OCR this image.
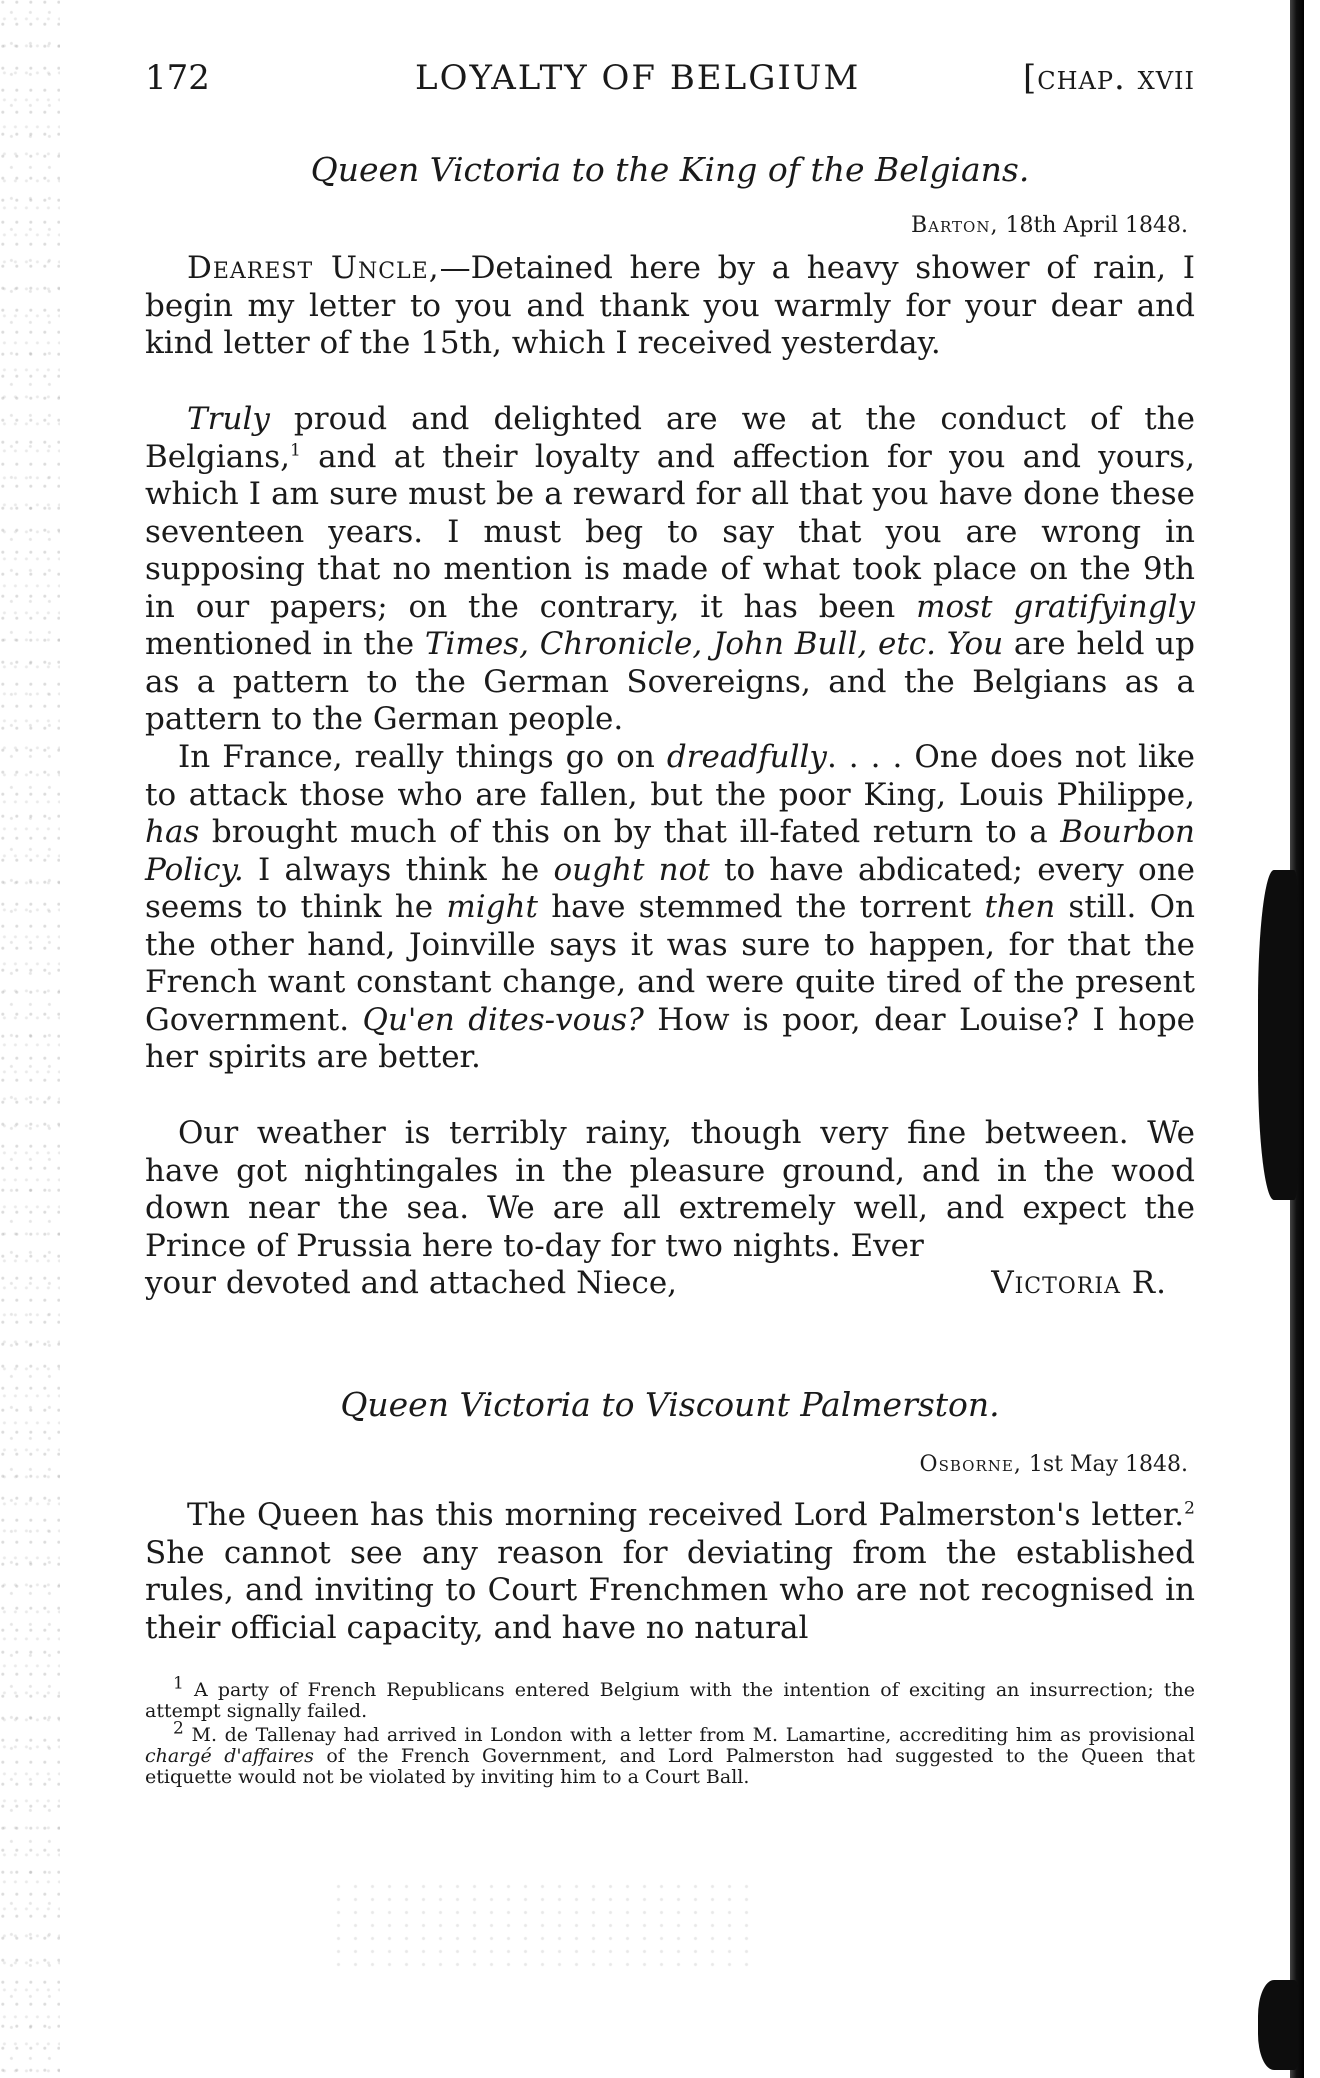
172	LOYALTY OF BELGIUM	[chap. xvii
Queen Victoria to the King of the Belgians.
Barton, 18th April 1848.

Dearest Uncle,—Detained here by a heavy shower of rain, I begin my letter to you and thank you warmly for your dear and kind letter of the 15th, which I received yesterday.

Truly proud and delighted are we at the conduct of the Belgians,$^1$ and at their loyalty and affection for you and yours, which I am sure must be a reward for all that you have done these seventeen years. I must beg to say that you are wrong in supposing that no mention is made of what took place on the 9th in our papers; on the contrary, it has been most gratifyingly mentioned in the Times, Chronicle, John Bull, etc. You are held up as a pattern to the German Sovereigns, and the Belgians as a pattern to the German people.

In France, really things go on dreadfully. . . . One does not like to attack those who are fallen, but the poor King, Louis Philippe, has brought much of this on by that ill-fated return to a Bourbon Policy. I always think he ought not to have abdicated; every one seems to think he might have stemmed the torrent then still. On the other hand, Joinville says it was sure to happen, for that the French want constant change, and were quite tired of the present Government. Qu'en dites-vous? How is poor, dear Louise? I hope her spirits are better.

Our weather is terribly rainy, though very fine between. We have got nightingales in the pleasure ground, and in the wood down near the sea. We are all extremely well, and expect the Prince of Prussia here to-day for two nights. Ever

your devoted and attached Niece,	Victoria R.
Queen Victoria to Viscount Palmerston.
Osborne, 1st May 1848.

The Queen has this morning received Lord Palmerston's letter.$^2$ She cannot see any reason for deviating from the established rules, and inviting to Court Frenchmen who are not recognised in their official capacity, and have no natural

$^1$ A party of French Republicans entered Belgium with the intention of exciting an insurrection; the attempt signally failed.

$^2$ M. de Tallenay had arrived in London with a letter from M. Lamartine, accrediting him as provisional chargé d'affaires of the French Government, and Lord Palmerston had suggested to the Queen that etiquette would not be violated by inviting him to a Court Ball.
